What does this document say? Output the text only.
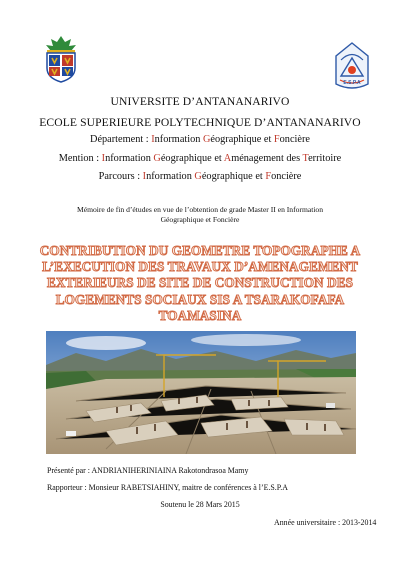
E.S.P.A
UNIVERSITE D’ANTANANARIVO
ECOLE SUPERIEURE POLYTECHNIQUE D’ANTANANARIVO
Département : Information Géographique et Foncière
Mention : Information Géographique et Aménagement des Territoire
Parcours : Information Géographique et Foncière
Mémoire de fin d’études en vue de l’obtention de grade Master II en Information
Géographique et Foncière
CONTRIBUTION DU GEOMETRE TOPOGRAPHE A
L’EXECUTION DES TRAVAUX D’AMENAGEMENT
EXTERIEURS DE SITE DE CONSTRUCTION DES
LOGEMENTS SOCIAUX SIS A TSARAKOFAFA
TOAMASINA
Présenté par : ANDRIANIHERINIAINA Rakotondrasoa Mamy
Rapporteur : Monsieur RABETSIAHINY, maitre de conférences à l’E.S.P.A
Soutenu le 28 Mars 2015
Année universitaire : 2013-2014
